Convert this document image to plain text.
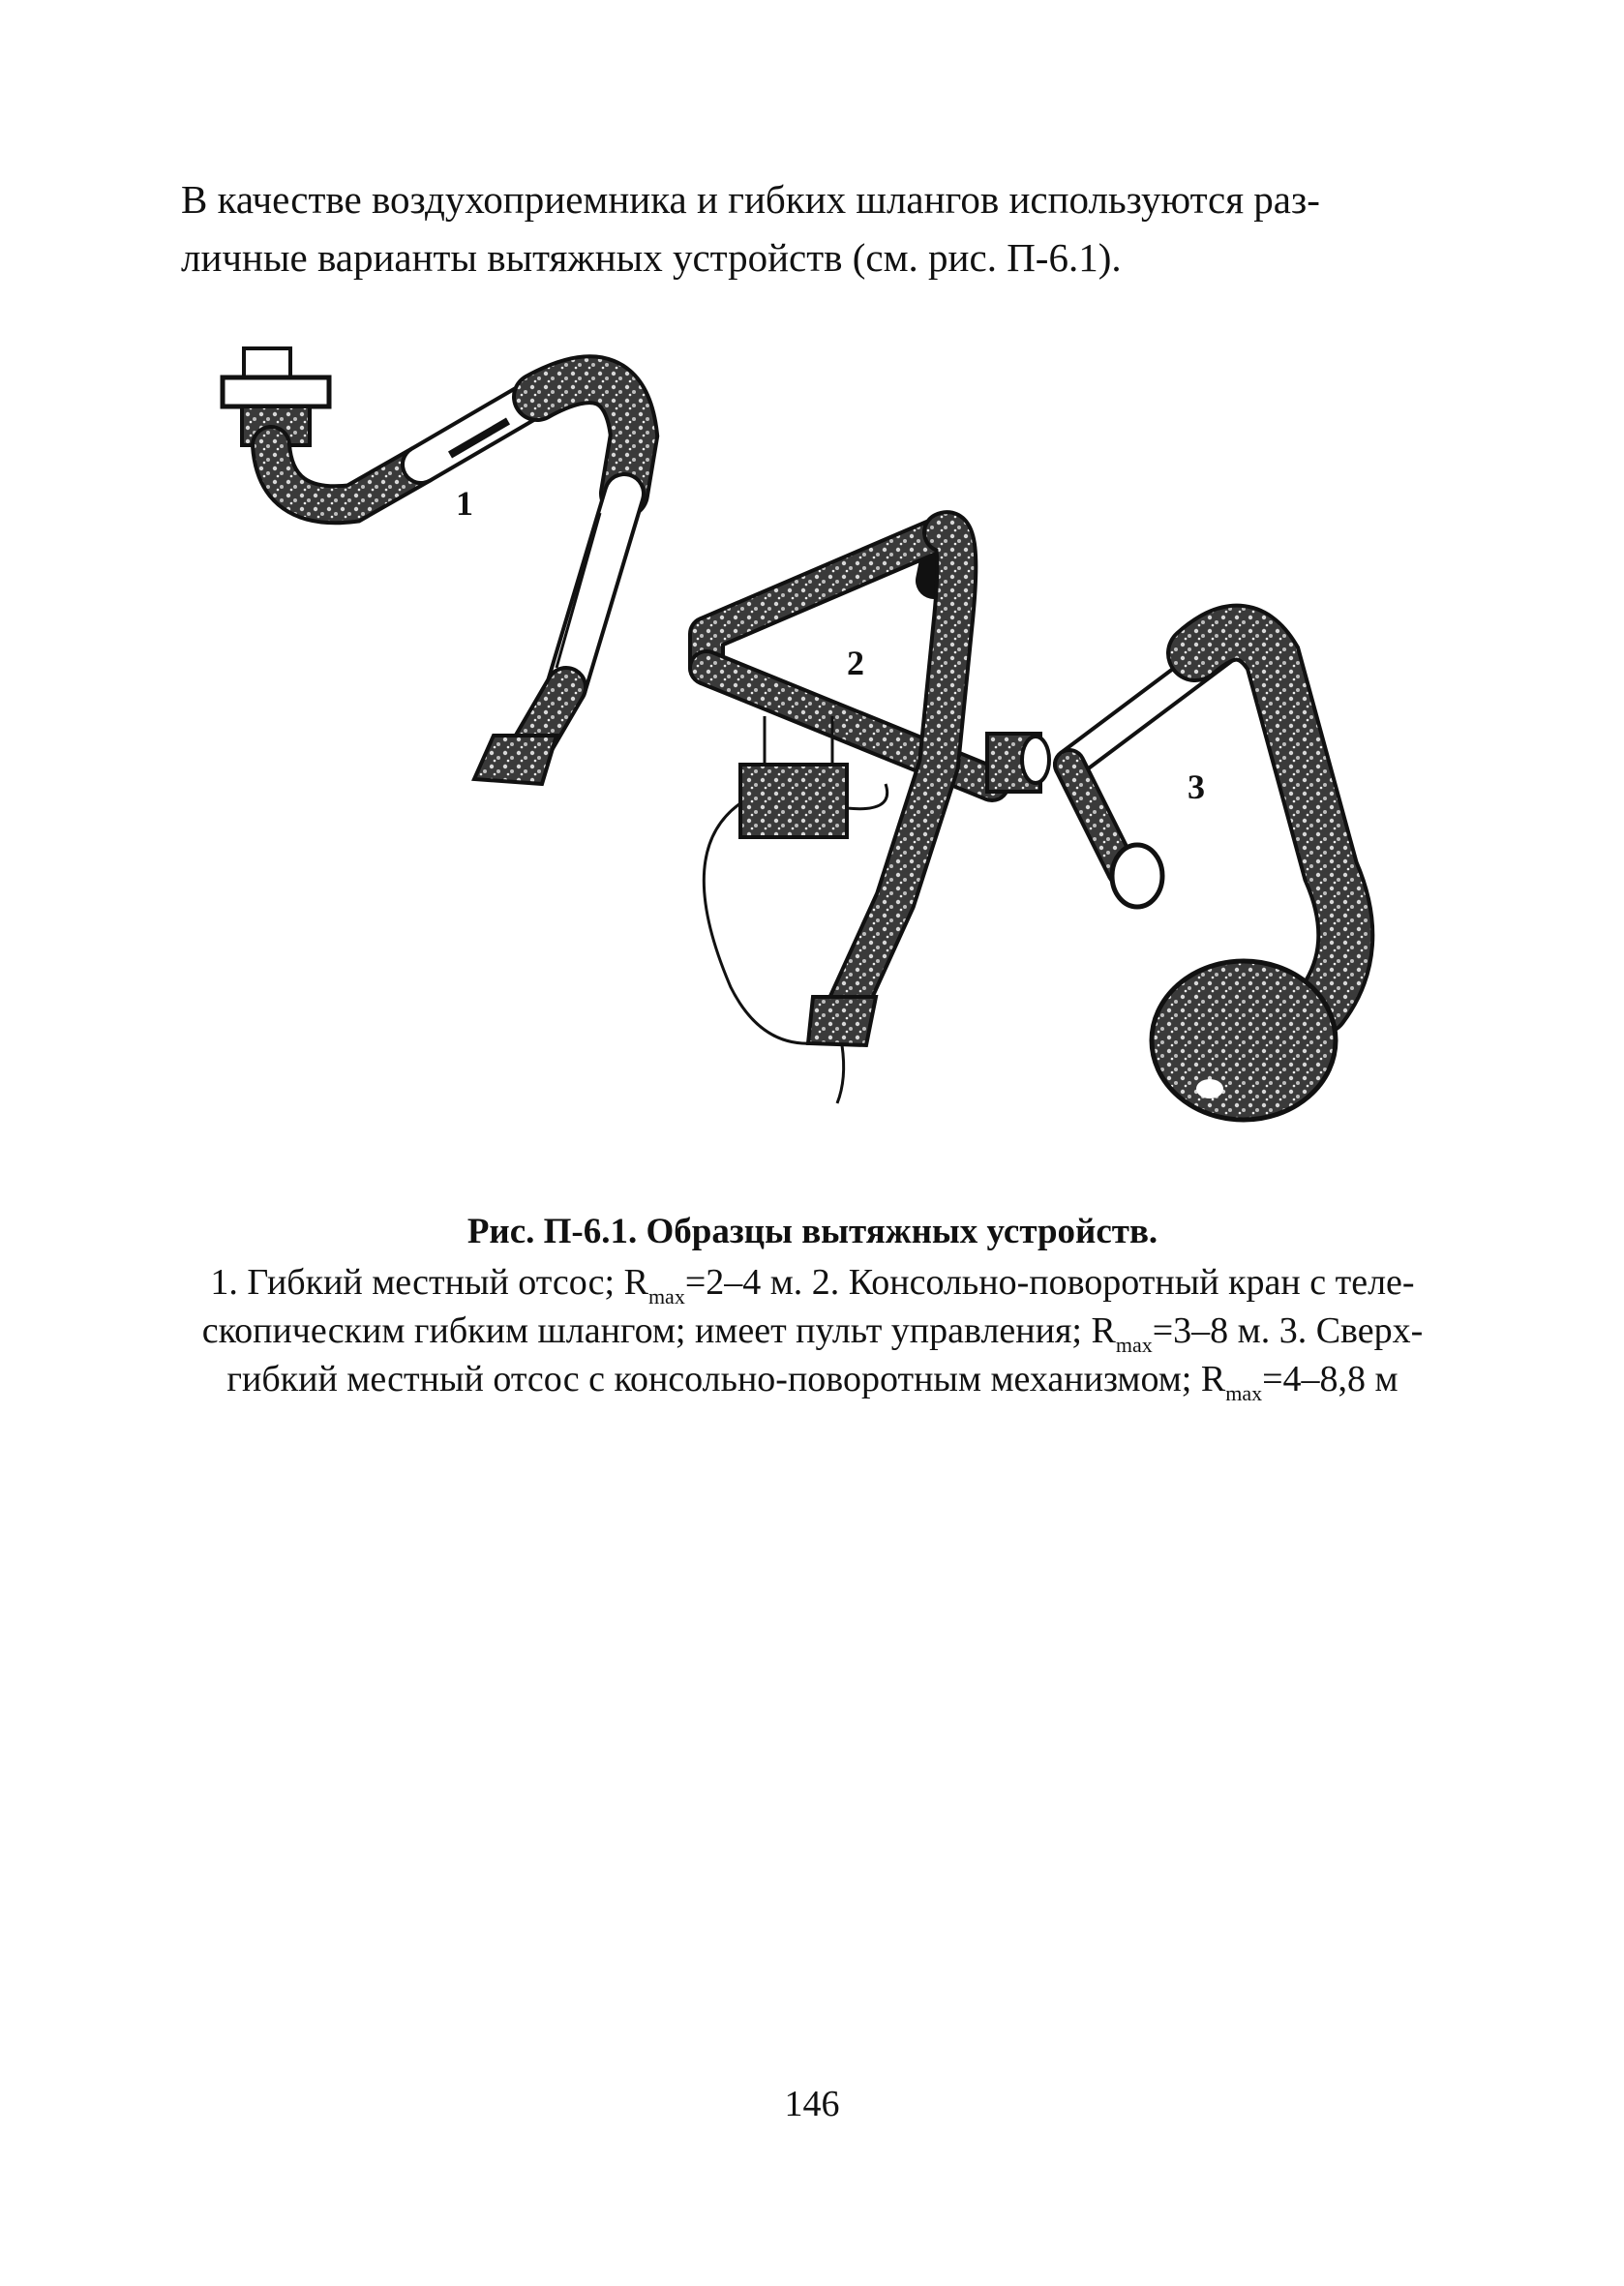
В качестве воздухоприемника и гибких шлангов используются раз-

личные варианты вытяжных устройств (см. рис. П-6.1).

1
2
3
Рис. П-6.1. Образцы вытяжных устройств.
1. Гибкий местный отсос; $R_{max}=2-4$ м. 2. Консольно-поворотный кран с теле-
скопическим гибким шлангом; имеет пульт управления; $R_{max}=3-8$ м. 3. Сверх-
гибкий местный отсос с консольно-поворотным механизмом; $R_{max}=4-8,8$ м
146
